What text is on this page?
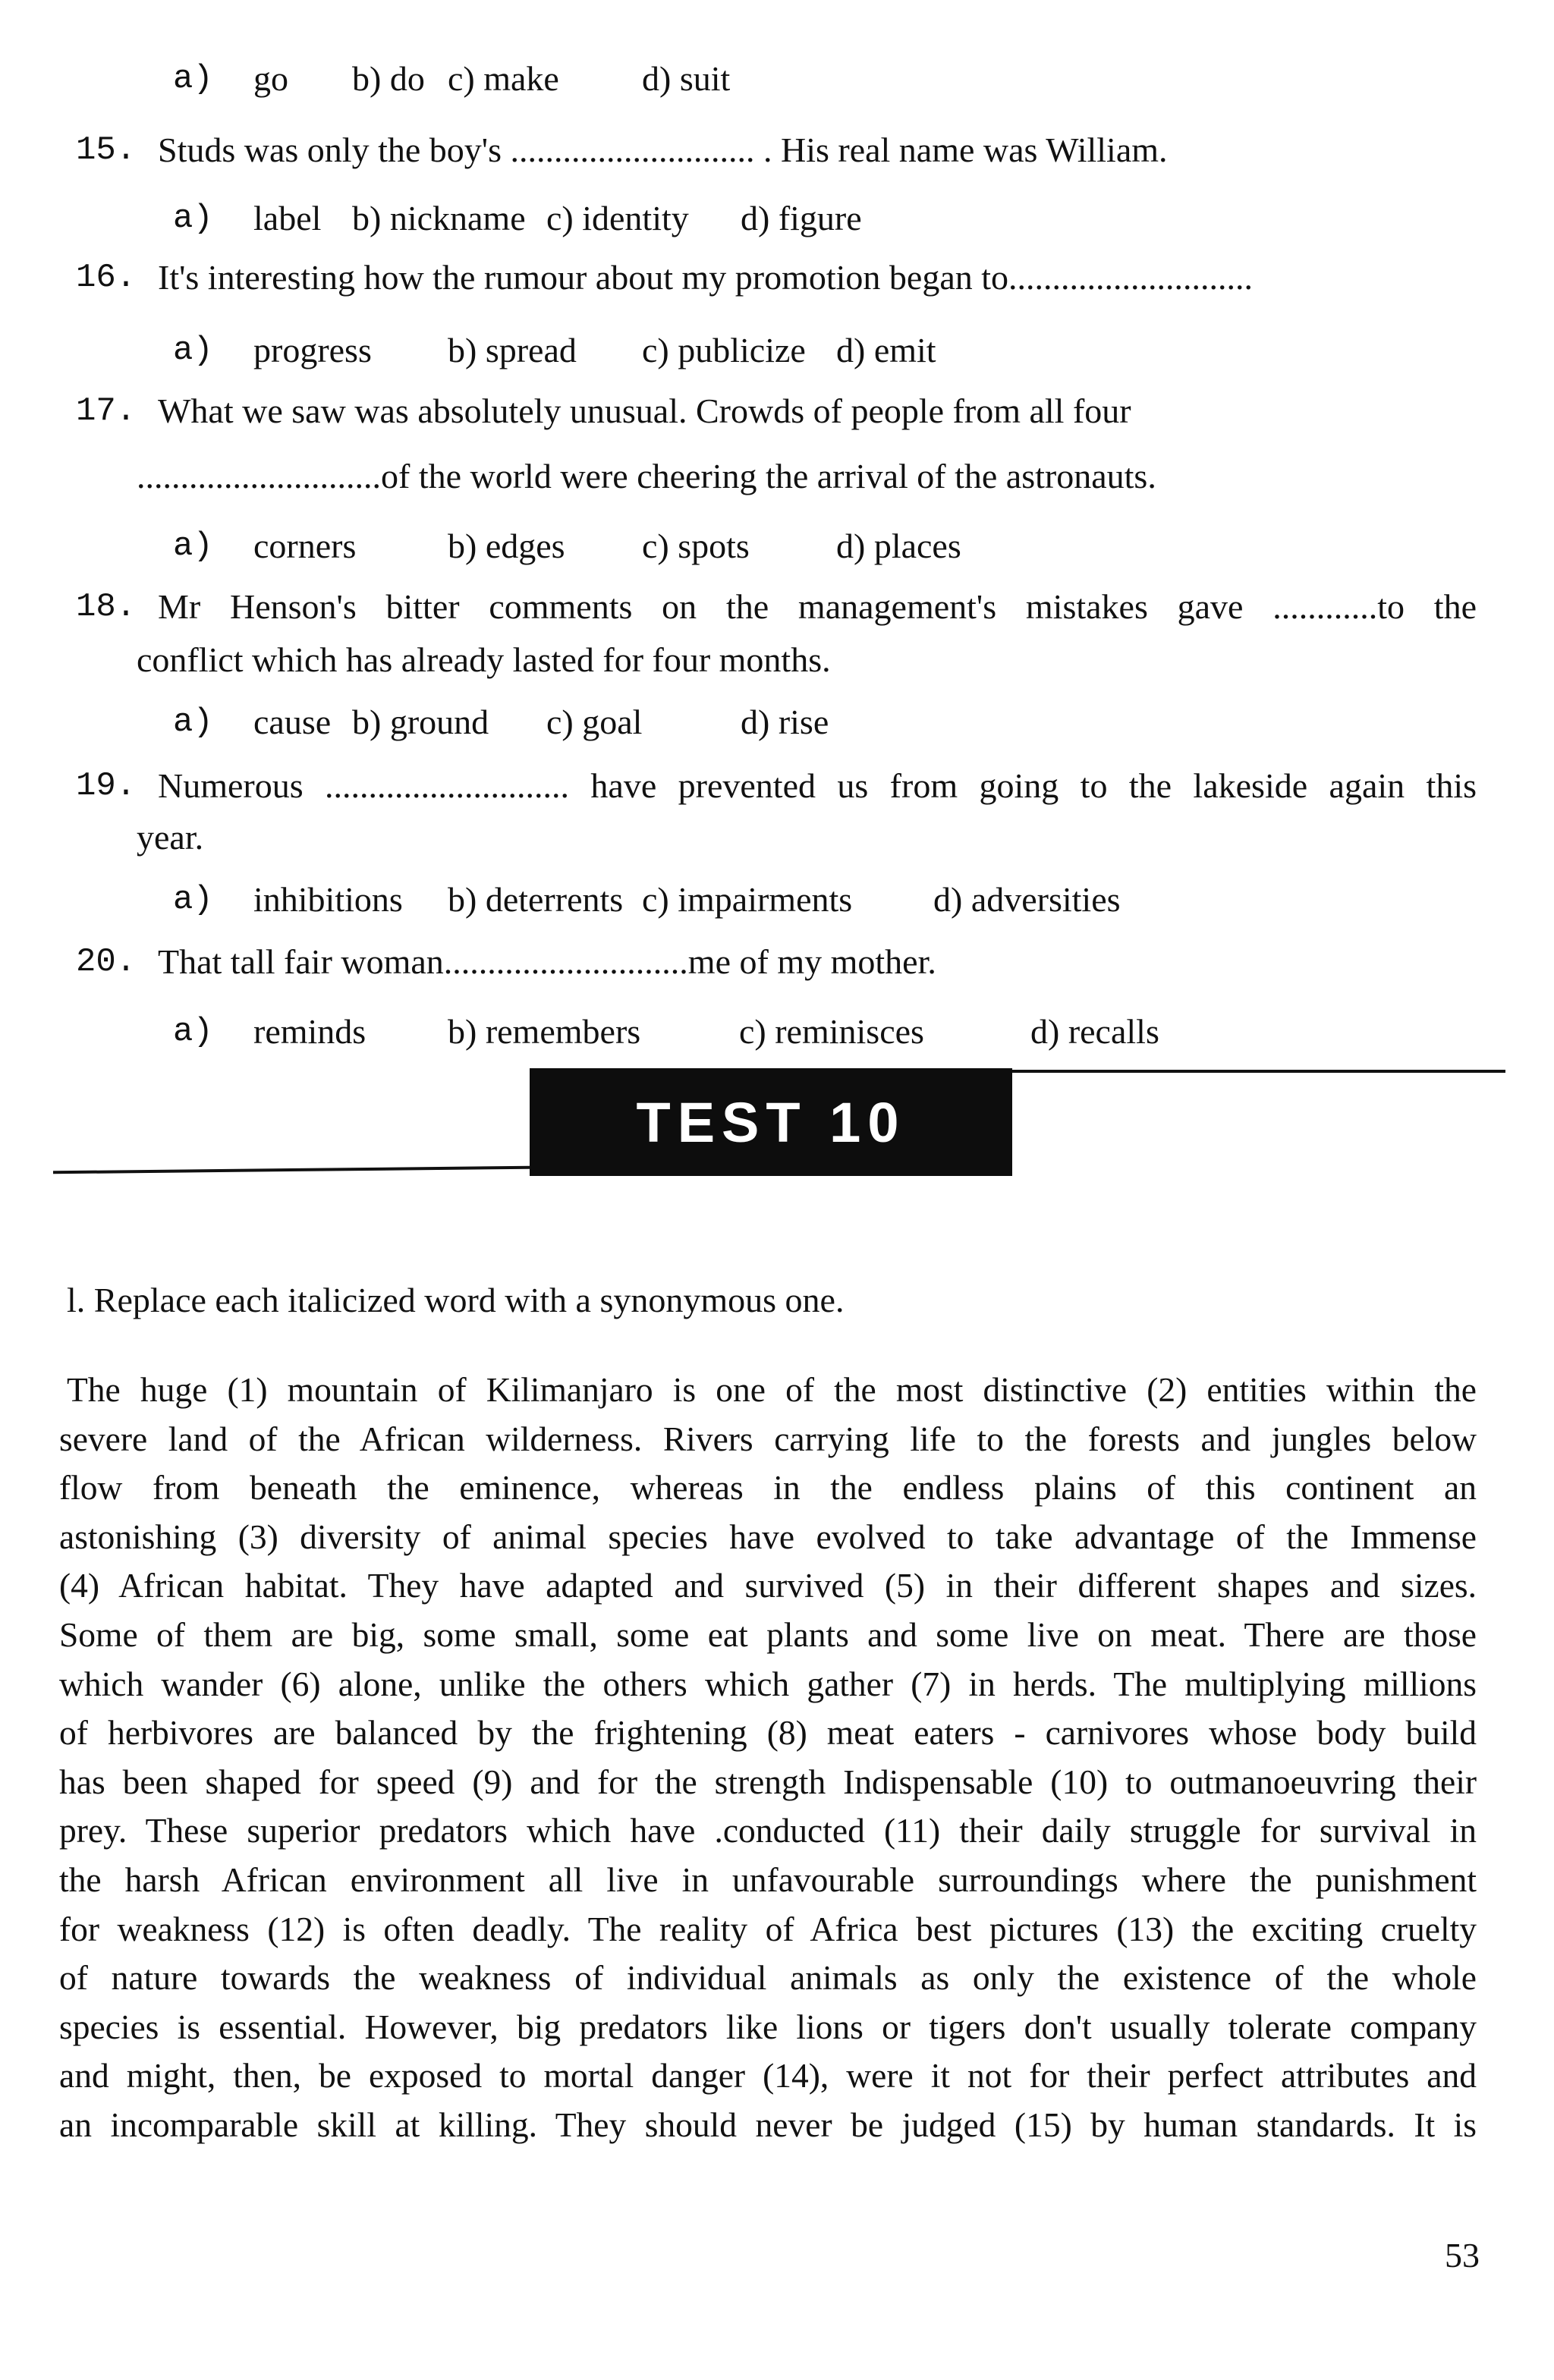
a) go b) do c) make d) suit
15. Studs was only the boy's ............................ . His real name was William.
a) label b) nickname c) identity d) figure
16. It's interesting how the rumour about my promotion began to............................
a) progress b) spread c) publicize d) emit
17. What we saw was absolutely unusual. Crowds of people from all four
............................of the world were cheering the arrival of the astronauts.
a) corners	b) edges c) spots d) places
18. Mr Henson's bitter comments on the management's mistakes gave ............to the
conflict which has already lasted for four months.
a) cause b) ground c) goal	d) rise
19. Numerous ............................ have prevented us from going to the lakeside again this
year.
a) inhibitions b) deterrents c) impairments d) adversities
20. That tall fair woman............................me of my mother.
a) reminds b) remembers	c) reminisces	d) recalls
TEST 10
l. Replace each italicized word with a synonymous one.
The huge (1) mountain of Kilimanjaro is one of the most distinctive (2) entities within the
severe land of the African wilderness. Rivers carrying life to the forests and jungles below
flow from beneath the eminence, whereas in the endless plains of this continent an
astonishing (3) diversity of animal species have evolved to take advantage of the Immense
(4) African habitat. They have adapted and survived (5) in their different shapes and sizes.
Some of them are big, some small, some eat plants and some live on meat. There are those
which wander (6) alone, unlike the others which gather (7) in herds. The multiplying millions
of herbivores are balanced by the frightening (8) meat eaters - carnivores whose body build
has been shaped for speed (9) and for the strength Indispensable (10) to outmanoeuvring their
prey. These superior predators which have .conducted (11) their daily struggle for survival in
the harsh African environment all live in unfavourable surroundings where the punishment
for weakness (12) is often deadly. The reality of Africa best pictures (13) the exciting cruelty
of nature towards the weakness of individual animals as only the existence of the whole
species is essential. However, big predators like lions or tigers don't usually tolerate company
and might, then, be exposed to mortal danger (14), were it not for their perfect attributes and
an incomparable skill at killing. They should never be judged (15) by human standards. It is
53
